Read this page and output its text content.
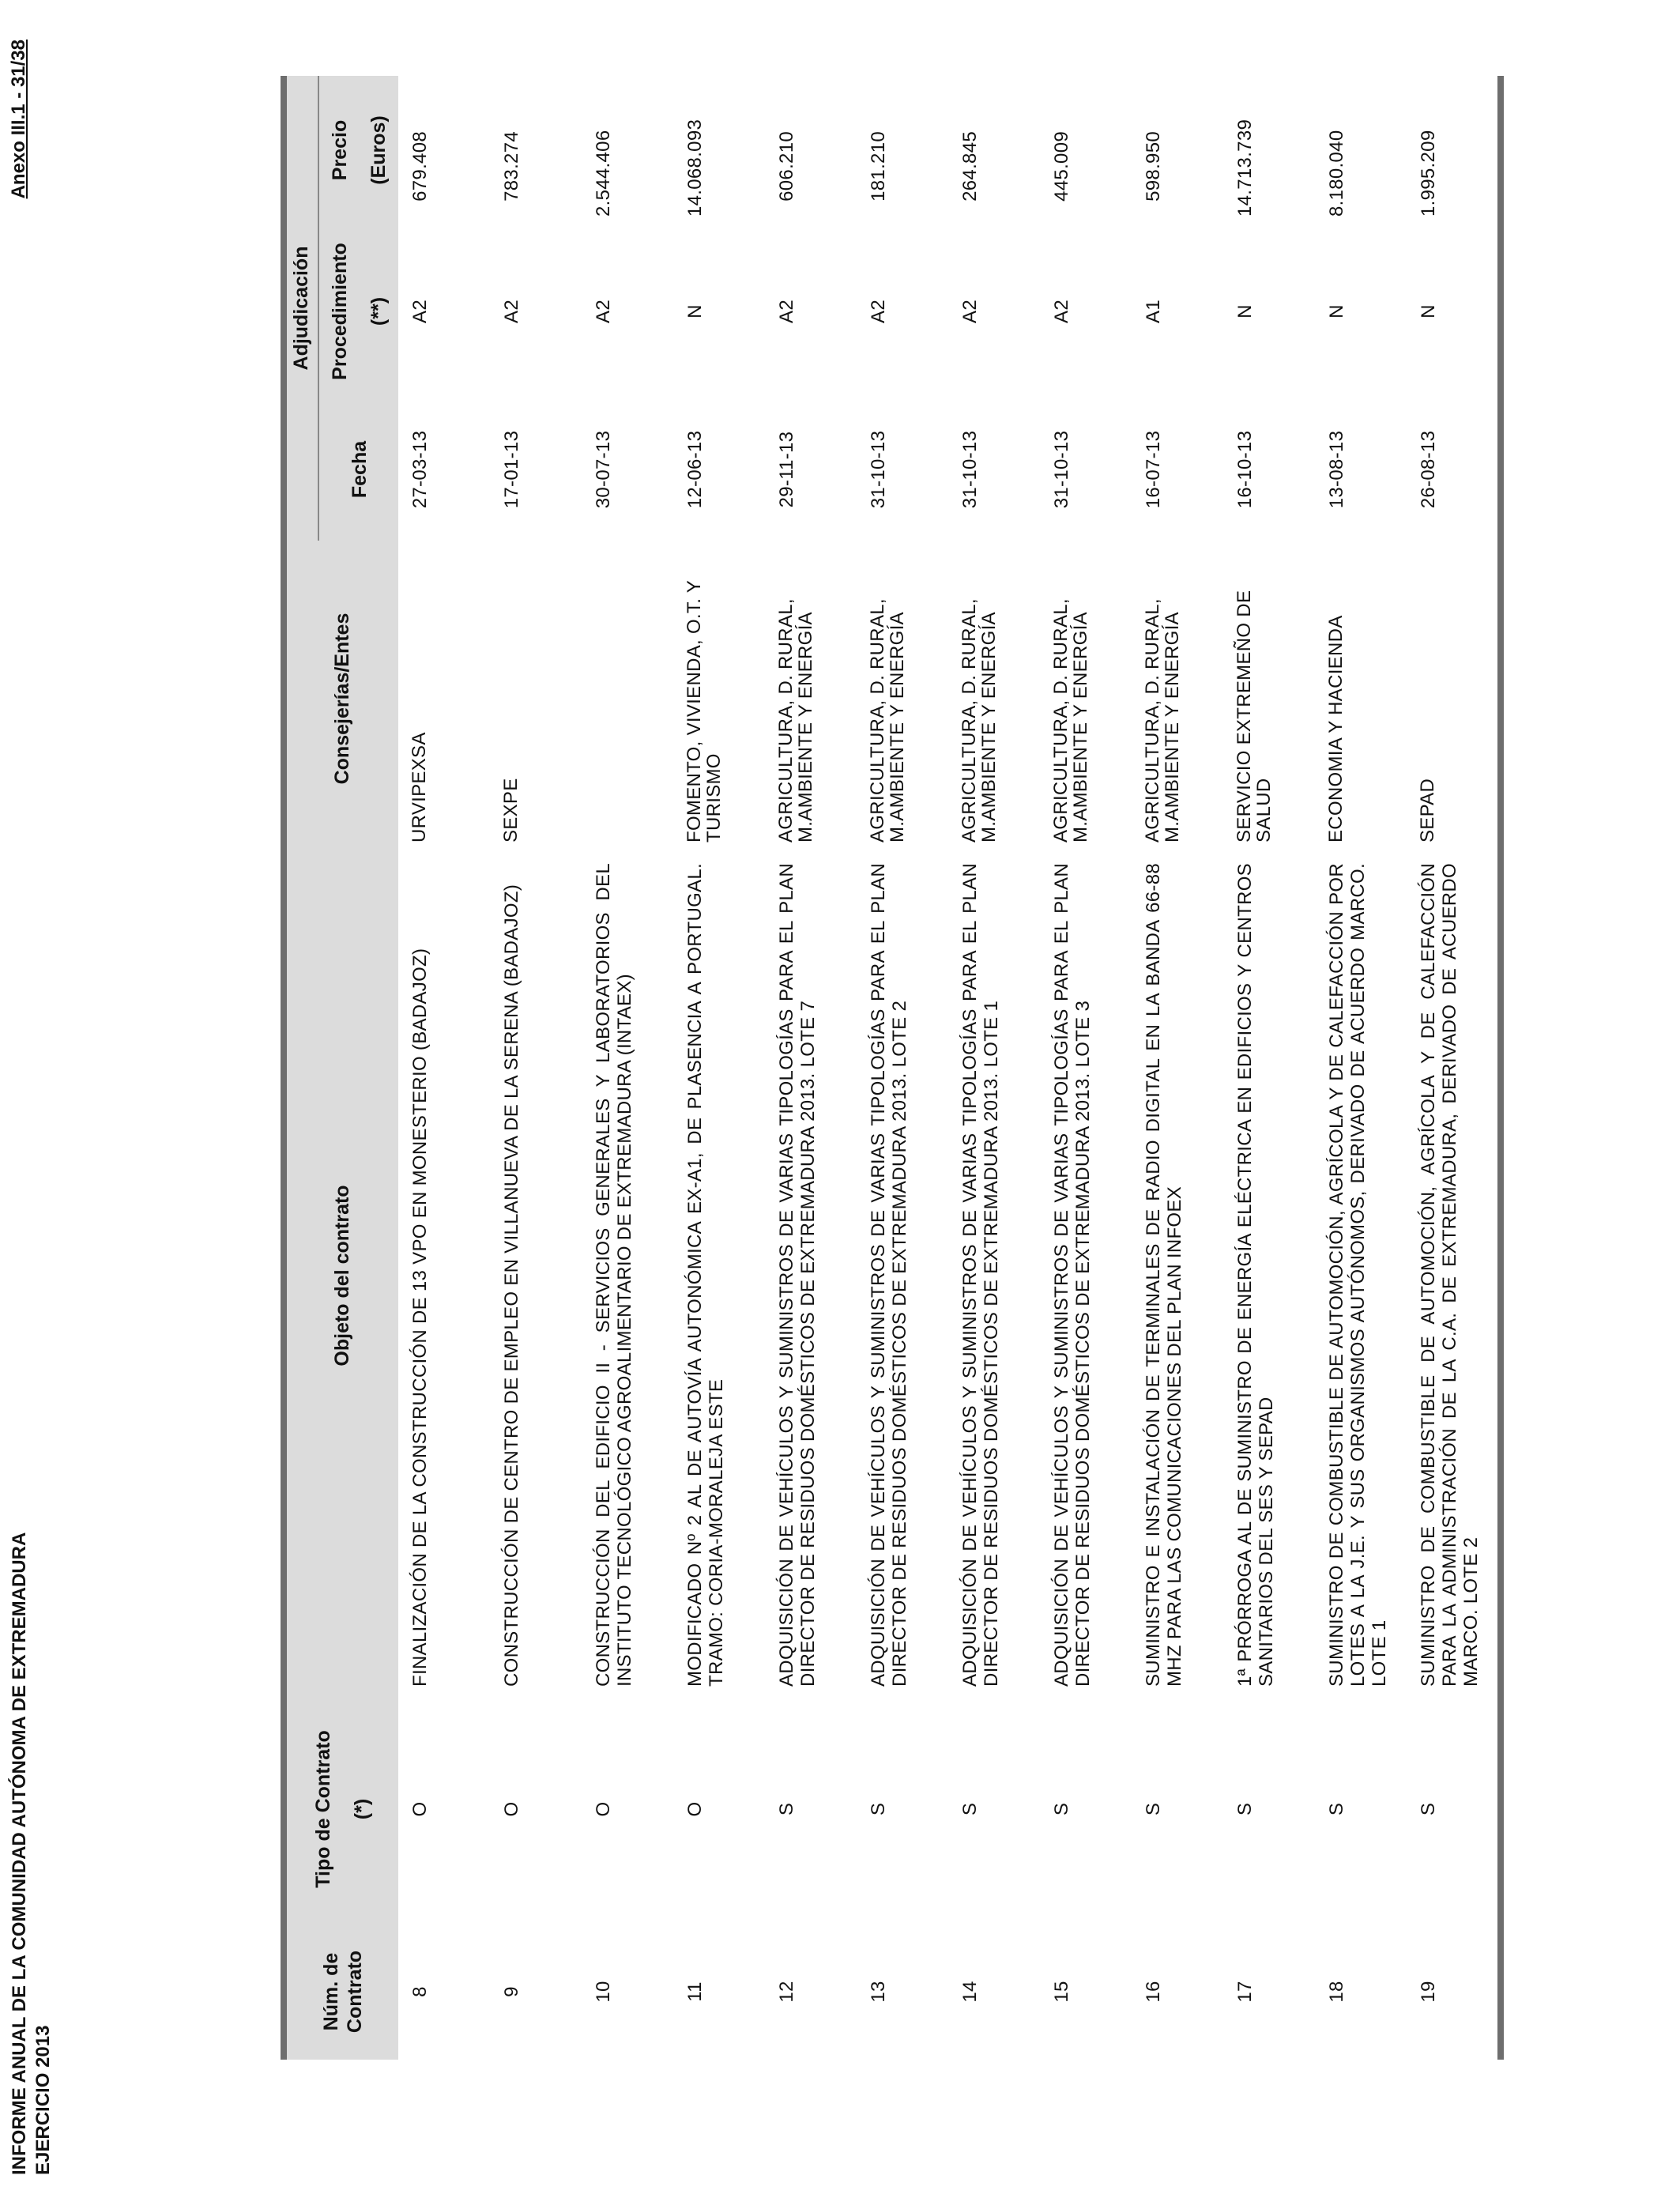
INFORME ANUAL DE LA COMUNIDAD AUTÓNOMA DE EXTREMADURA EJERCICIO 2013
Anexo III.1 - 31/38
Núm. de
Contrato	Tipo de Contrato (*)	Objeto del contrato	Consejerías/Entes	Adjudicación		
				Fecha	Procedimiento (**)	Precio (Euros)

8	O	FINALIZACIÓN DE LA CONSTRUCCIÓN DE 13 VPO EN MONESTERIO (BADAJOZ)	URVIPEXSA	27-03-13	A2	679.408
9	O	CONSTRUCCIÓN DE CENTRO DE EMPLEO EN VILLANUEVA DE LA SERENA (BADAJOZ)	SEXPE	17-01-13	A2	783.274
10	O	CONSTRUCCIÓN DEL EDIFICIO II - SERVICIOS GENERALES Y LABORATORIOS DEL INSTITUTO TECNOLÓGICO AGROALIMENTARIO DE EXTREMADURA (INTAEX)		30-07-13	A2	2.544.406
11	O	MODIFICADO Nº 2 AL DE AUTOVÍA AUTONÓMICA EX-A1, DE PLASENCIA A PORTUGAL. TRAMO: CORIA-MORALEJA ESTE	FOMENTO, VIVIENDA, O.T. Y TURISMO	12-06-13	N	14.068.093
12	S	ADQUISICIÓN DE VEHÍCULOS Y SUMINISTROS DE VARIAS TIPOLOGÍAS PARA EL PLAN DIRECTOR DE RESIDUOS DOMÉSTICOS DE EXTREMADURA 2013. LOTE 7	AGRICULTURA, D. RURAL, M.AMBIENTE Y ENERGÍA	29-11-13	A2	606.210
13	S	ADQUISICIÓN DE VEHÍCULOS Y SUMINISTROS DE VARIAS TIPOLOGÍAS PARA EL PLAN DIRECTOR DE RESIDUOS DOMÉSTICOS DE EXTREMADURA 2013. LOTE 2	AGRICULTURA, D. RURAL, M.AMBIENTE Y ENERGÍA	31-10-13	A2	181.210
14	S	ADQUISICIÓN DE VEHÍCULOS Y SUMINISTROS DE VARIAS TIPOLOGÍAS PARA EL PLAN DIRECTOR DE RESIDUOS DOMÉSTICOS DE EXTREMADURA 2013. LOTE 1	AGRICULTURA, D. RURAL, M.AMBIENTE Y ENERGÍA	31-10-13	A2	264.845
15	S	ADQUISICIÓN DE VEHÍCULOS Y SUMINISTROS DE VARIAS TIPOLOGÍAS PARA EL PLAN DIRECTOR DE RESIDUOS DOMÉSTICOS DE EXTREMADURA 2013. LOTE 3	AGRICULTURA, D. RURAL, M.AMBIENTE Y ENERGÍA	31-10-13	A2	445.009
16	S	SUMINISTRO E INSTALACIÓN DE TERMINALES DE RADIO DIGITAL EN LA BANDA 66-88 MHZ PARA LAS COMUNICACIONES DEL PLAN INFOEX	AGRICULTURA, D. RURAL, M.AMBIENTE Y ENERGÍA	16-07-13	A1	598.950
17	S	1ª PRÓRROGA AL DE SUMINISTRO DE ENERGÍA ELÉCTRICA EN EDIFICIOS Y CENTROS SANITARIOS DEL SES Y SEPAD	SERVICIO EXTREMEÑO DE SALUD	16-10-13	N	14.713.739
18	S	SUMINISTRO DE COMBUSTIBLE DE AUTOMOCIÓN, AGRÍCOLA Y DE CALEFACCIÓN POR LOTES A LA J.E. Y SUS ORGANISMOS AUTÓNOMOS, DERIVADO DE ACUERDO MARCO. LOTE 1	ECONOMIA Y HACIENDA	13-08-13	N	8.180.040
19	S	SUMINISTRO DE COMBUSTIBLE DE AUTOMOCIÓN, AGRÍCOLA Y DE CALEFACCIÓN PARA LA ADMINISTRACIÓN DE LA C.A. DE EXTREMADURA, DERIVADO DE ACUERDO MARCO. LOTE 2	SEPAD	26-08-13	N	1.995.209
